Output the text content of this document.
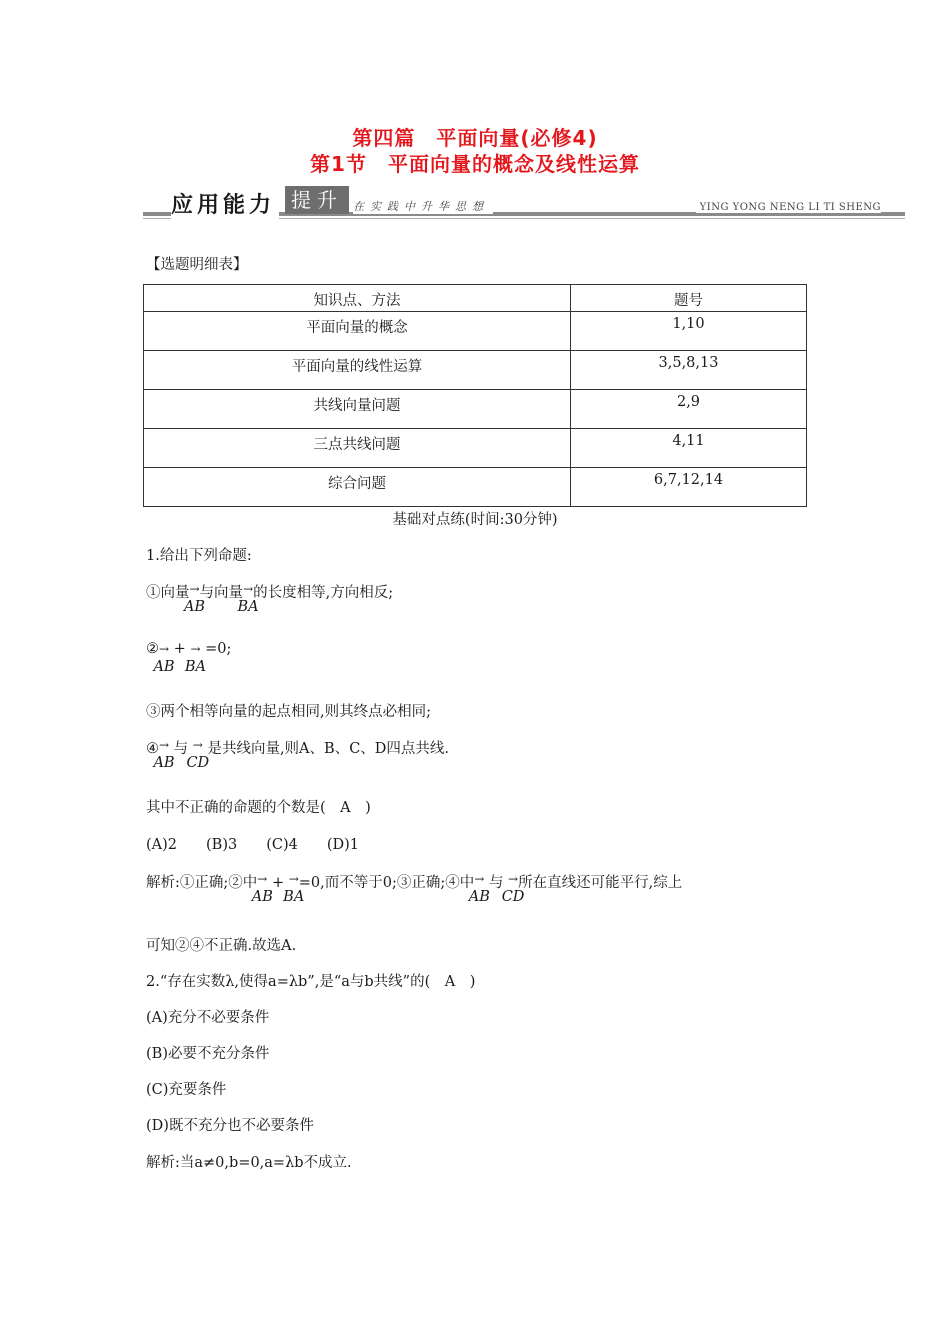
第四篇　平面向量(必修4)
第1节　平面向量的概念及线性运算
应用能力 提升 在实践中升华思想	YING YONG NENG LI TI SHENG
【选题明细表】
知识点、方法	题号
平面向量的概念	1,10
平面向量的线性运算	3,5,8,13
共线向量问题	2,9
三点共线问题	4,11
综合问题	6,7,12,14
基础对点练(时间:30分钟)
1.给出下列命题:
①向量→
AB
与向量→
BA
的长度相等,方向相反;
②→
AB
+ →
BA
=0;
③两个相等向量的起点相同,则其终点必相同;
④→
AB
与 →
CD
是共线向量,则A、B、C、D四点共线.
其中不正确的命题的个数是(　A　)
(A)2　　(B)3　　(C)4　　(D)1
解析:①正确;②中→
AB
+ →
BA
=0,而不等于0;③正确;④中→
AB
与 →
CD
所在直线还可能平行,综上
可知②④不正确.故选A.
2.“存在实数λ,使得a=λb”,是“a与b共线”的(　A　)
(A)充分不必要条件
(B)必要不充分条件
(C)充要条件
(D)既不充分也不必要条件
解析:当a≠0,b=0,a=λb不成立.
